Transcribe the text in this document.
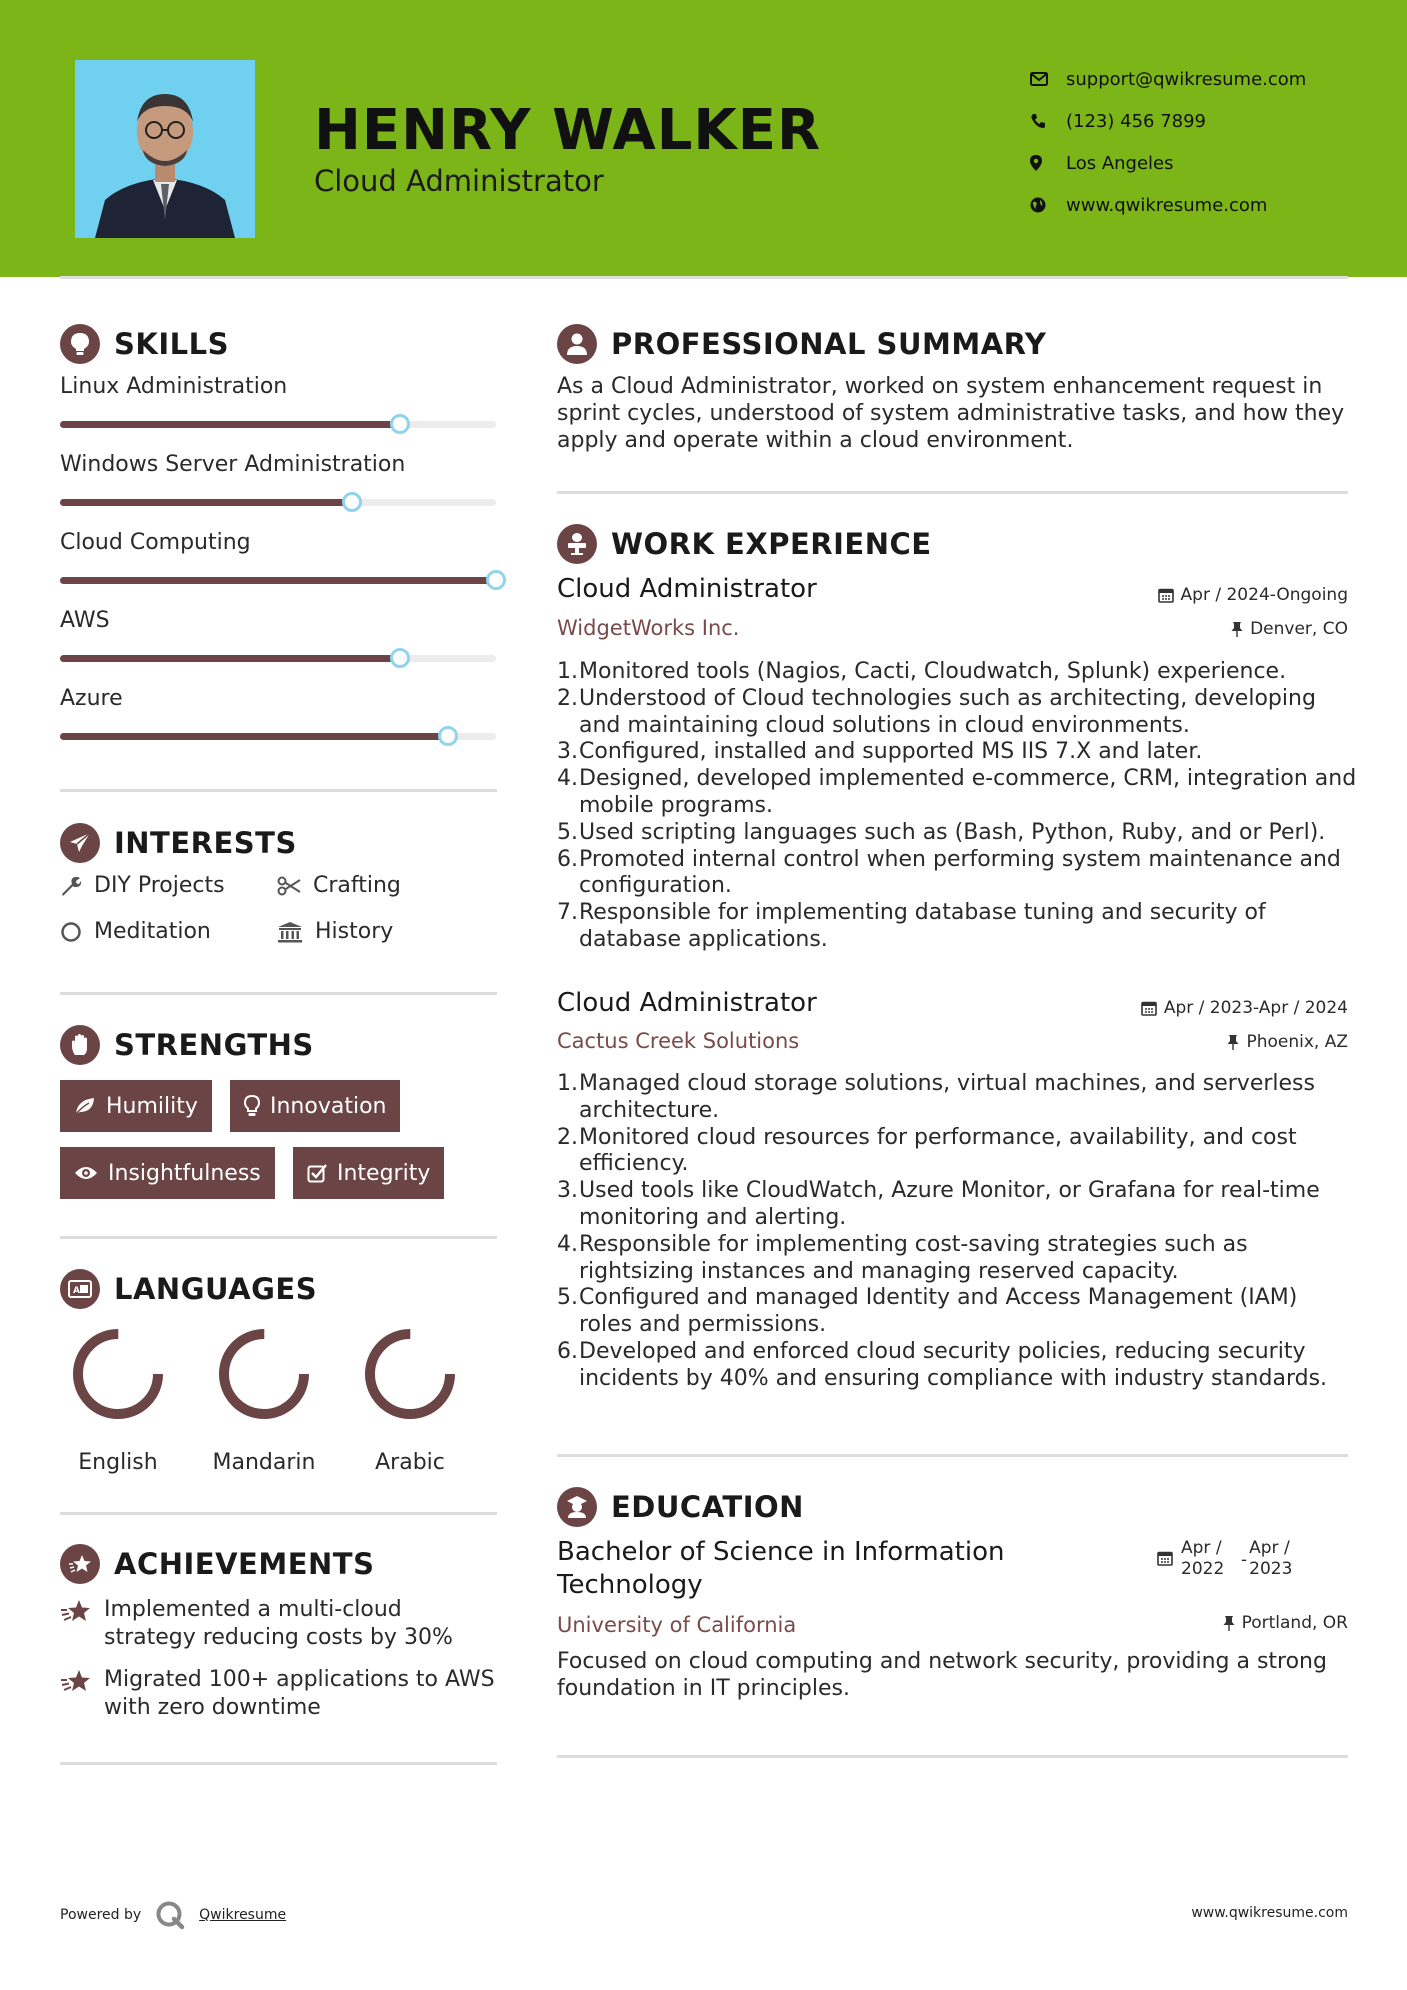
HENRY WALKER
Cloud Administrator
support@qwikresume.com
(123) 456 7899
Los Angeles
www.qwikresume.com
SKILLS
Linux Administration
Windows Server Administration
Cloud Computing
AWS
Azure
INTERESTS
DIY Projects	Crafting
Meditation	History
STRENGTHS
Humility	Innovation
Insightfulness	Integrity
A LANGUAGES
English	Mandarin	Arabic
ACHIEVEMENTS
Implemented a multi-cloud strategy reducing costs by 30%
Migrated 100+ applications to AWS with zero downtime
PROFESSIONAL SUMMARY
As a Cloud Administrator, worked on system enhancement request in sprint cycles, understood of system administrative tasks, and how they apply and operate within a cloud environment.
WORK EXPERIENCE
Cloud Administrator	Apr / 2024-Ongoing
WidgetWorks Inc.	Denver, CO
1. Monitored tools (Nagios, Cacti, Cloudwatch, Splunk) experience.
2. Understood of Cloud technologies such as architecting, developing and maintaining cloud solutions in cloud environments.
3. Configured, installed and supported MS IIS 7.X and later.
4. Designed, developed implemented e-commerce, CRM, integration and mobile programs.
5. Used scripting languages such as (Bash, Python, Ruby, and or Perl).
6. Promoted internal control when performing system maintenance and configuration.
7. Responsible for implementing database tuning and security of database applications.
Cloud Administrator	Apr / 2023-Apr / 2024
Cactus Creek Solutions	Phoenix, AZ
1. Managed cloud storage solutions, virtual machines, and serverless architecture.
2. Monitored cloud resources for performance, availability, and cost efficiency.
3. Used tools like CloudWatch, Azure Monitor, or Grafana for real-time monitoring and alerting.
4. Responsible for implementing cost-saving strategies such as rightsizing instances and managing reserved capacity.
5. Configured and managed Identity and Access Management (IAM) roles and permissions.
6. Developed and enforced cloud security policies, reducing security incidents by 40% and ensuring compliance with industry standards.
EDUCATION
Bachelor of Science in Information Technology
Apr / 2022 -
Apr / 2023
University of California	Portland, OR
Focused on cloud computing and network security, providing a strong foundation in IT principles.
Powered by	Qwikresume	www.qwikresume.com
